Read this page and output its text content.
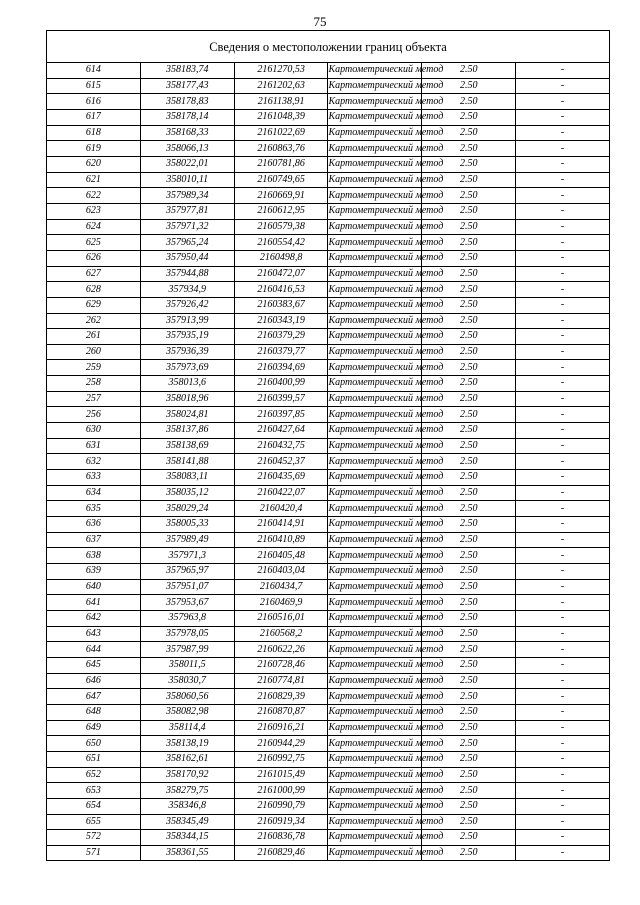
75
Сведения о местоположении границ объекта					
614	358183,74	2161270,53	Картометрический метод	2.50	-
615	358177,43	2161202,63	Картометрический метод	2.50	-
616	358178,83	2161138,91	Картометрический метод	2.50	-
617	358178,14	2161048,39	Картометрический метод	2.50	-
618	358168,33	2161022,69	Картометрический метод	2.50	-
619	358066,13	2160863,76	Картометрический метод	2.50	-
620	358022,01	2160781,86	Картометрический метод	2.50	-
621	358010,11	2160749,65	Картометрический метод	2.50	-
622	357989,34	2160669,91	Картометрический метод	2.50	-
623	357977,81	2160612,95	Картометрический метод	2.50	-
624	357971,32	2160579,38	Картометрический метод	2.50	-
625	357965,24	2160554,42	Картометрический метод	2.50	-
626	357950,44	2160498,8	Картометрический метод	2.50	-
627	357944,88	2160472,07	Картометрический метод	2.50	-
628	357934,9	2160416,53	Картометрический метод	2.50	-
629	357926,42	2160383,67	Картометрический метод	2.50	-
262	357913,99	2160343,19	Картометрический метод	2.50	-
261	357935,19	2160379,29	Картометрический метод	2.50	-
260	357936,39	2160379,77	Картометрический метод	2.50	-
259	357973,69	2160394,69	Картометрический метод	2.50	-
258	358013,6	2160400,99	Картометрический метод	2.50	-
257	358018,96	2160399,57	Картометрический метод	2.50	-
256	358024,81	2160397,85	Картометрический метод	2.50	-
630	358137,86	2160427,64	Картометрический метод	2.50	-
631	358138,69	2160432,75	Картометрический метод	2.50	-
632	358141,88	2160452,37	Картометрический метод	2.50	-
633	358083,11	2160435,69	Картометрический метод	2.50	-
634	358035,12	2160422,07	Картометрический метод	2.50	-
635	358029,24	2160420,4	Картометрический метод	2.50	-
636	358005,33	2160414,91	Картометрический метод	2.50	-
637	357989,49	2160410,89	Картометрический метод	2.50	-
638	357971,3	2160405,48	Картометрический метод	2.50	-
639	357965,97	2160403,04	Картометрический метод	2.50	-
640	357951,07	2160434,7	Картометрический метод	2.50	-
641	357953,67	2160469,9	Картометрический метод	2.50	-
642	357963,8	2160516,01	Картометрический метод	2.50	-
643	357978,05	2160568,2	Картометрический метод	2.50	-
644	357987,99	2160622,26	Картометрический метод	2.50	-
645	358011,5	2160728,46	Картометрический метод	2.50	-
646	358030,7	2160774,81	Картометрический метод	2.50	-
647	358060,56	2160829,39	Картометрический метод	2.50	-
648	358082,98	2160870,87	Картометрический метод	2.50	-
649	358114,4	2160916,21	Картометрический метод	2.50	-
650	358138,19	2160944,29	Картометрический метод	2.50	-
651	358162,61	2160992,75	Картометрический метод	2.50	-
652	358170,92	2161015,49	Картометрический метод	2.50	-
653	358279,75	2161000,99	Картометрический метод	2.50	-
654	358346,8	2160990,79	Картометрический метод	2.50	-
655	358345,49	2160919,34	Картометрический метод	2.50	-
572	358344,15	2160836,78	Картометрический метод	2.50	-
571	358361,55	2160829,46	Картометрический метод	2.50	-
